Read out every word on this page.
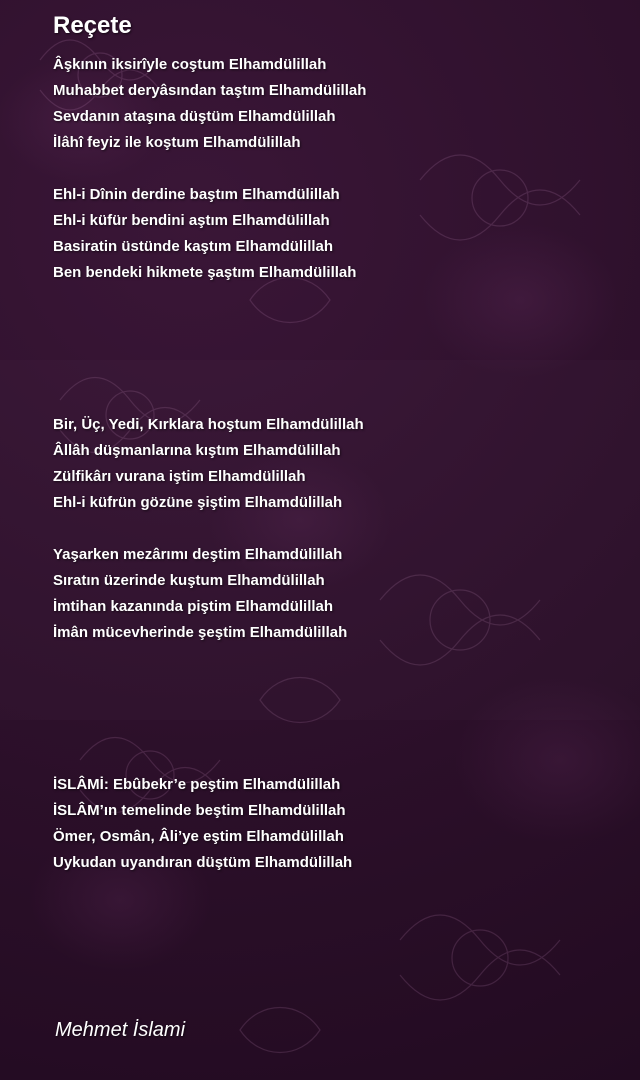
Reçete
Âşkının iksirîyle coştum Elhamdülillah
Muhabbet deryâsından taştım Elhamdülillah
Sevdanın ataşına düştüm Elhamdülillah
İlâhî feyiz ile koştum Elhamdülillah
Ehl-i Dînin derdine baştım Elhamdülillah
Ehl-i küfür bendini aştım Elhamdülillah
Basiratin üstünde kaştım Elhamdülillah
Ben bendeki hikmete şaştım Elhamdülillah
Bir, Üç, Yedi, Kırklara hoştum Elhamdülillah
Âllâh düşmanlarına kıştım Elhamdülillah
Zülfikârı vurana iştim Elhamdülillah
Ehl-i küfrün gözüne şiştim Elhamdülillah
Yaşarken mezârımı deştim Elhamdülillah
Sıratın üzerinde kuştum Elhamdülillah
İmtihan kazanında piştim Elhamdülillah
İmân mücevherinde şeştim Elhamdülillah
İSLÂMİ: Ebûbekr’e peştim Elhamdülillah
İSLÂM’ın temelinde beştim Elhamdülillah
Ömer, Osmân, Âli’ye eştim Elhamdülillah
Uykudan uyandıran düştüm Elhamdülillah
Mehmet İslami
